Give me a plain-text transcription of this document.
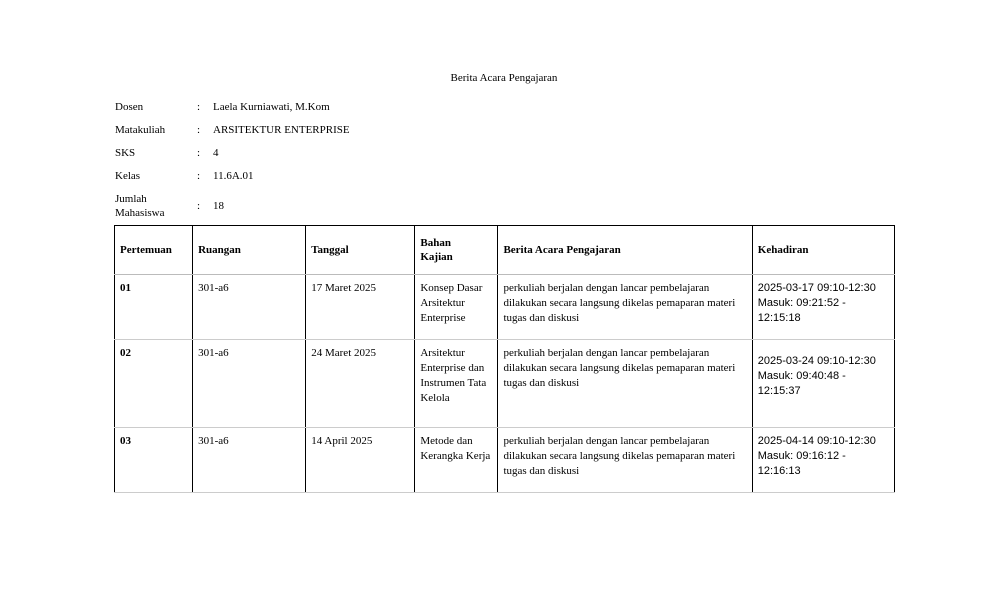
Berita Acara Pengajaran
Dosen	:	Laela Kurniawati, M.Kom
Matakuliah	:	ARSITEKTUR ENTERPRISE
SKS	:	4
Kelas	:	11.6A.01
Jumlah
Mahasiswa
:	18
Pertemuan	Ruangan	Tanggal	Bahan
Kajian	Berita Acara Pengajaran	Kehadiran
01	301-a6	17 Maret 2025	Konsep Dasar Arsitektur Enterprise	perkuliah berjalan dengan lancar pembelajaran dilakukan secara langsung dikelas pemaparan materi tugas dan diskusi	2025-03-17 09:10-12:30
Masuk: 09:21:52 -
12:15:18

02	301-a6	24 Maret 2025	Arsitektur Enterprise dan Instrumen Tata Kelola	perkuliah berjalan dengan lancar pembelajaran dilakukan secara langsung dikelas pemaparan materi tugas dan diskusi	2025-03-24 09:10-12:30
Masuk: 09:40:48 -
12:15:37

03	301-a6	14 April 2025	Metode dan Kerangka Kerja	perkuliah berjalan dengan lancar pembelajaran dilakukan secara langsung dikelas pemaparan materi tugas dan diskusi	2025-04-14 09:10-12:30
Masuk: 09:16:12 -
12:16:13
